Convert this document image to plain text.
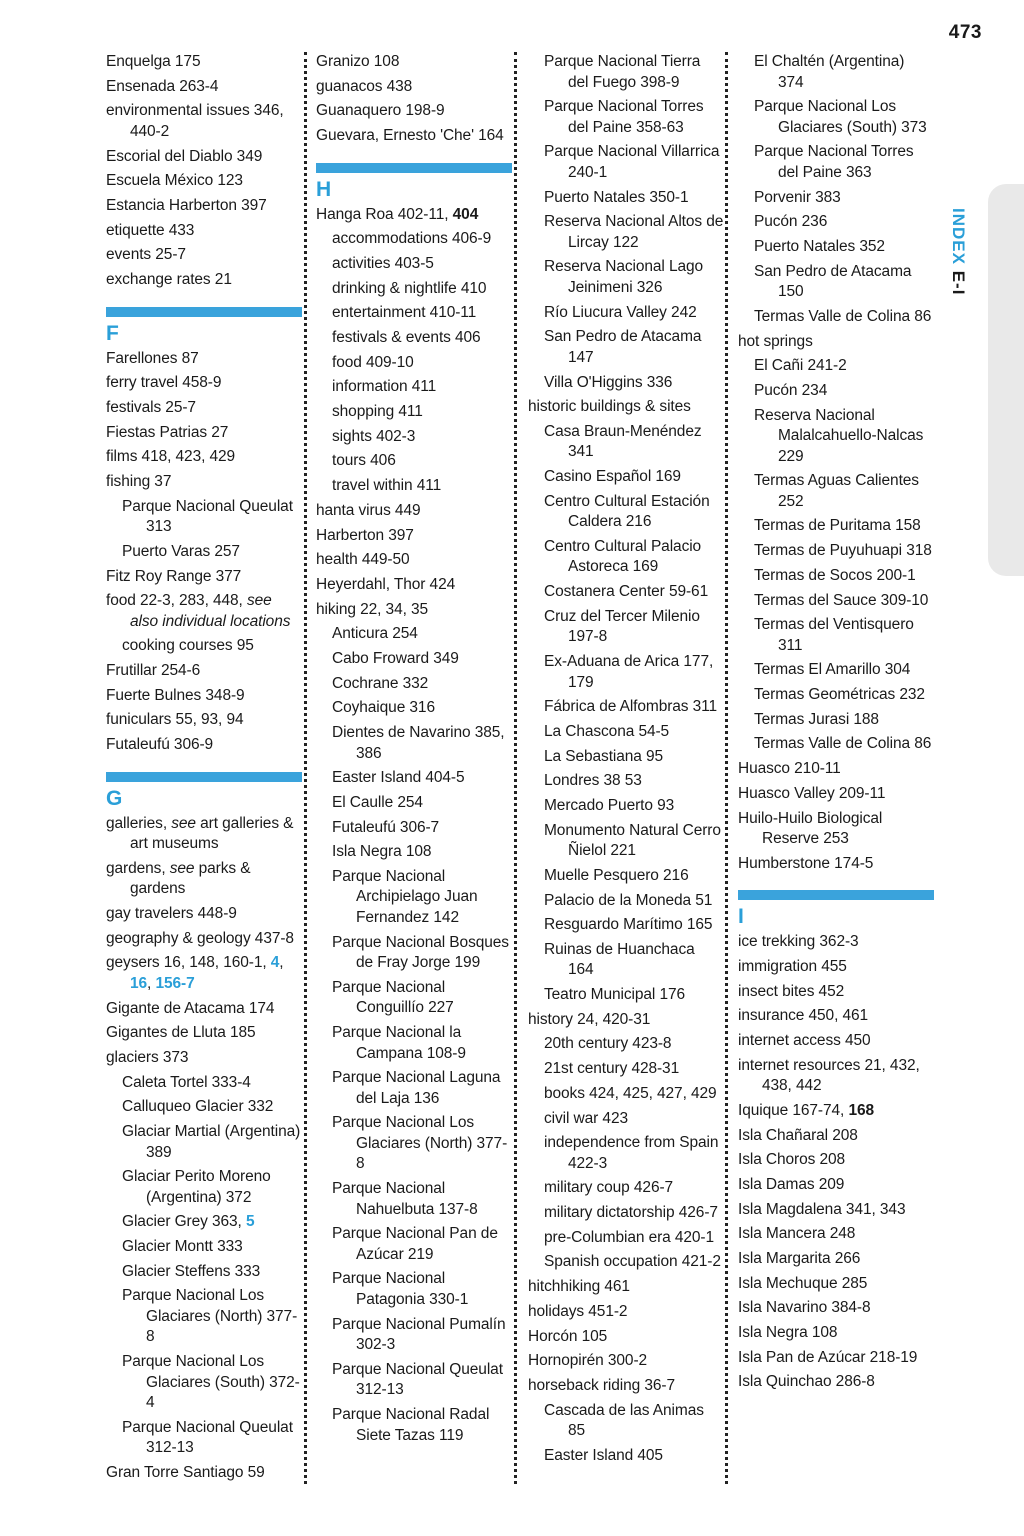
473
INDEX E-I
Enquelga 175
Ensenada 263-4
environmental issues 346, 440-2
Escorial del Diablo 349
Escuela México 123
Estancia Harberton 397
etiquette 433
events 25-7
exchange rates 21
F
Farellones 87
ferry travel 458-9
festivals 25-7
Fiestas Patrias 27
films 418, 423, 429
fishing 37
Parque Nacional Queulat 313
Puerto Varas 257
Fitz Roy Range 377
food 22-3, 283, 448, see also individual locations
cooking courses 95
Frutillar 254-6
Fuerte Bulnes 348-9
funiculars 55, 93, 94
Futaleufú 306-9
G
galleries, see art galleries & art museums
gardens, see parks & gardens
gay travelers 448-9
geography & geology 437-8
geysers 16, 148, 160-1, 4, 16, 156-7
Gigante de Atacama 174
Gigantes de Lluta 185
glaciers 373
Caleta Tortel 333-4
Calluqueo Glacier 332
Glaciar Martial (Argentina) 389
Glaciar Perito Moreno (Argentina) 372
Glacier Grey 363, 5
Glacier Montt 333
Glacier Steffens 333
Parque Nacional Los Glaciares (North) 377-8
Parque Nacional Los Glaciares (South) 372-4
Parque Nacional Queulat 312-13
Gran Torre Santiago 59
Granizo 108
guanacos 438
Guanaquero 198-9
Guevara, Ernesto 'Che' 164
H
Hanga Roa 402-11, 404
accommodations 406-9
activities 403-5
drinking & nightlife 410
entertainment 410-11
festivals & events 406
food 409-10
information 411
shopping 411
sights 402-3
tours 406
travel within 411
hanta virus 449
Harberton 397
health 449-50
Heyerdahl, Thor 424
hiking 22, 34, 35
Anticura 254
Cabo Froward 349
Cochrane 332
Coyhaique 316
Dientes de Navarino 385, 386
Easter Island 404-5
El Caulle 254
Futaleufú 306-7
Isla Negra 108
Parque Nacional Archipielago Juan Fernandez 142
Parque Nacional Bosques de Fray Jorge 199
Parque Nacional Conguillío 227
Parque Nacional la Campana 108-9
Parque Nacional Laguna del Laja 136
Parque Nacional Los Glaciares (North) 377-8
Parque Nacional Nahuelbuta 137-8
Parque Nacional Pan de Azúcar 219
Parque Nacional Patagonia 330-1
Parque Nacional Pumalín 302-3
Parque Nacional Queulat 312-13
Parque Nacional Radal Siete Tazas 119
Parque Nacional Tierra del Fuego 398-9
Parque Nacional Torres del Paine 358-63
Parque Nacional Villarrica 240-1
Puerto Natales 350-1
Reserva Nacional Altos de Lircay 122
Reserva Nacional Lago Jeinimeni 326
Río Liucura Valley 242
San Pedro de Atacama 147
Villa O'Higgins 336
historic buildings & sites
Casa Braun-Menéndez 341
Casino Español 169
Centro Cultural Estación Caldera 216
Centro Cultural Palacio Astoreca 169
Costanera Center 59-61
Cruz del Tercer Milenio 197-8
Ex-Aduana de Arica 177, 179
Fábrica de Alfombras 311
La Chascona 54-5
La Sebastiana 95
Londres 38 53
Mercado Puerto 93
Monumento Natural Cerro Ñielol 221
Muelle Pesquero 216
Palacio de la Moneda 51
Resguardo Marítimo 165
Ruinas de Huanchaca 164
Teatro Municipal 176
history 24, 420-31
20th century 423-8
21st century 428-31
books 424, 425, 427, 429
civil war 423
independence from Spain 422-3
military coup 426-7
military dictatorship 426-7
pre-Columbian era 420-1
Spanish occupation 421-2
hitchhiking 461
holidays 451-2
Horcón 105
Hornopirén 300-2
horseback riding 36-7
Cascada de las Animas 85
Easter Island 405
El Chaltén (Argentina) 374
Parque Nacional Los Glaciares (South) 373
Parque Nacional Torres del Paine 363
Porvenir 383
Pucón 236
Puerto Natales 352
San Pedro de Atacama 150
Termas Valle de Colina 86
hot springs
El Cañi 241-2
Pucón 234
Reserva Nacional Malalcahuello-Nalcas 229
Termas Aguas Calientes 252
Termas de Puritama 158
Termas de Puyuhuapi 318
Termas de Socos 200-1
Termas del Sauce 309-10
Termas del Ventisquero 311
Termas El Amarillo 304
Termas Geométricas 232
Termas Jurasi 188
Termas Valle de Colina 86
Huasco 210-11
Huasco Valley 209-11
Huilo-Huilo Biological Reserve 253
Humberstone 174-5
I
ice trekking 362-3
immigration 455
insect bites 452
insurance 450, 461
internet access 450
internet resources 21, 432, 438, 442
Iquique 167-74, 168
Isla Chañaral 208
Isla Choros 208
Isla Damas 209
Isla Magdalena 341, 343
Isla Mancera 248
Isla Margarita 266
Isla Mechuque 285
Isla Navarino 384-8
Isla Negra 108
Isla Pan de Azúcar 218-19
Isla Quinchao 286-8
